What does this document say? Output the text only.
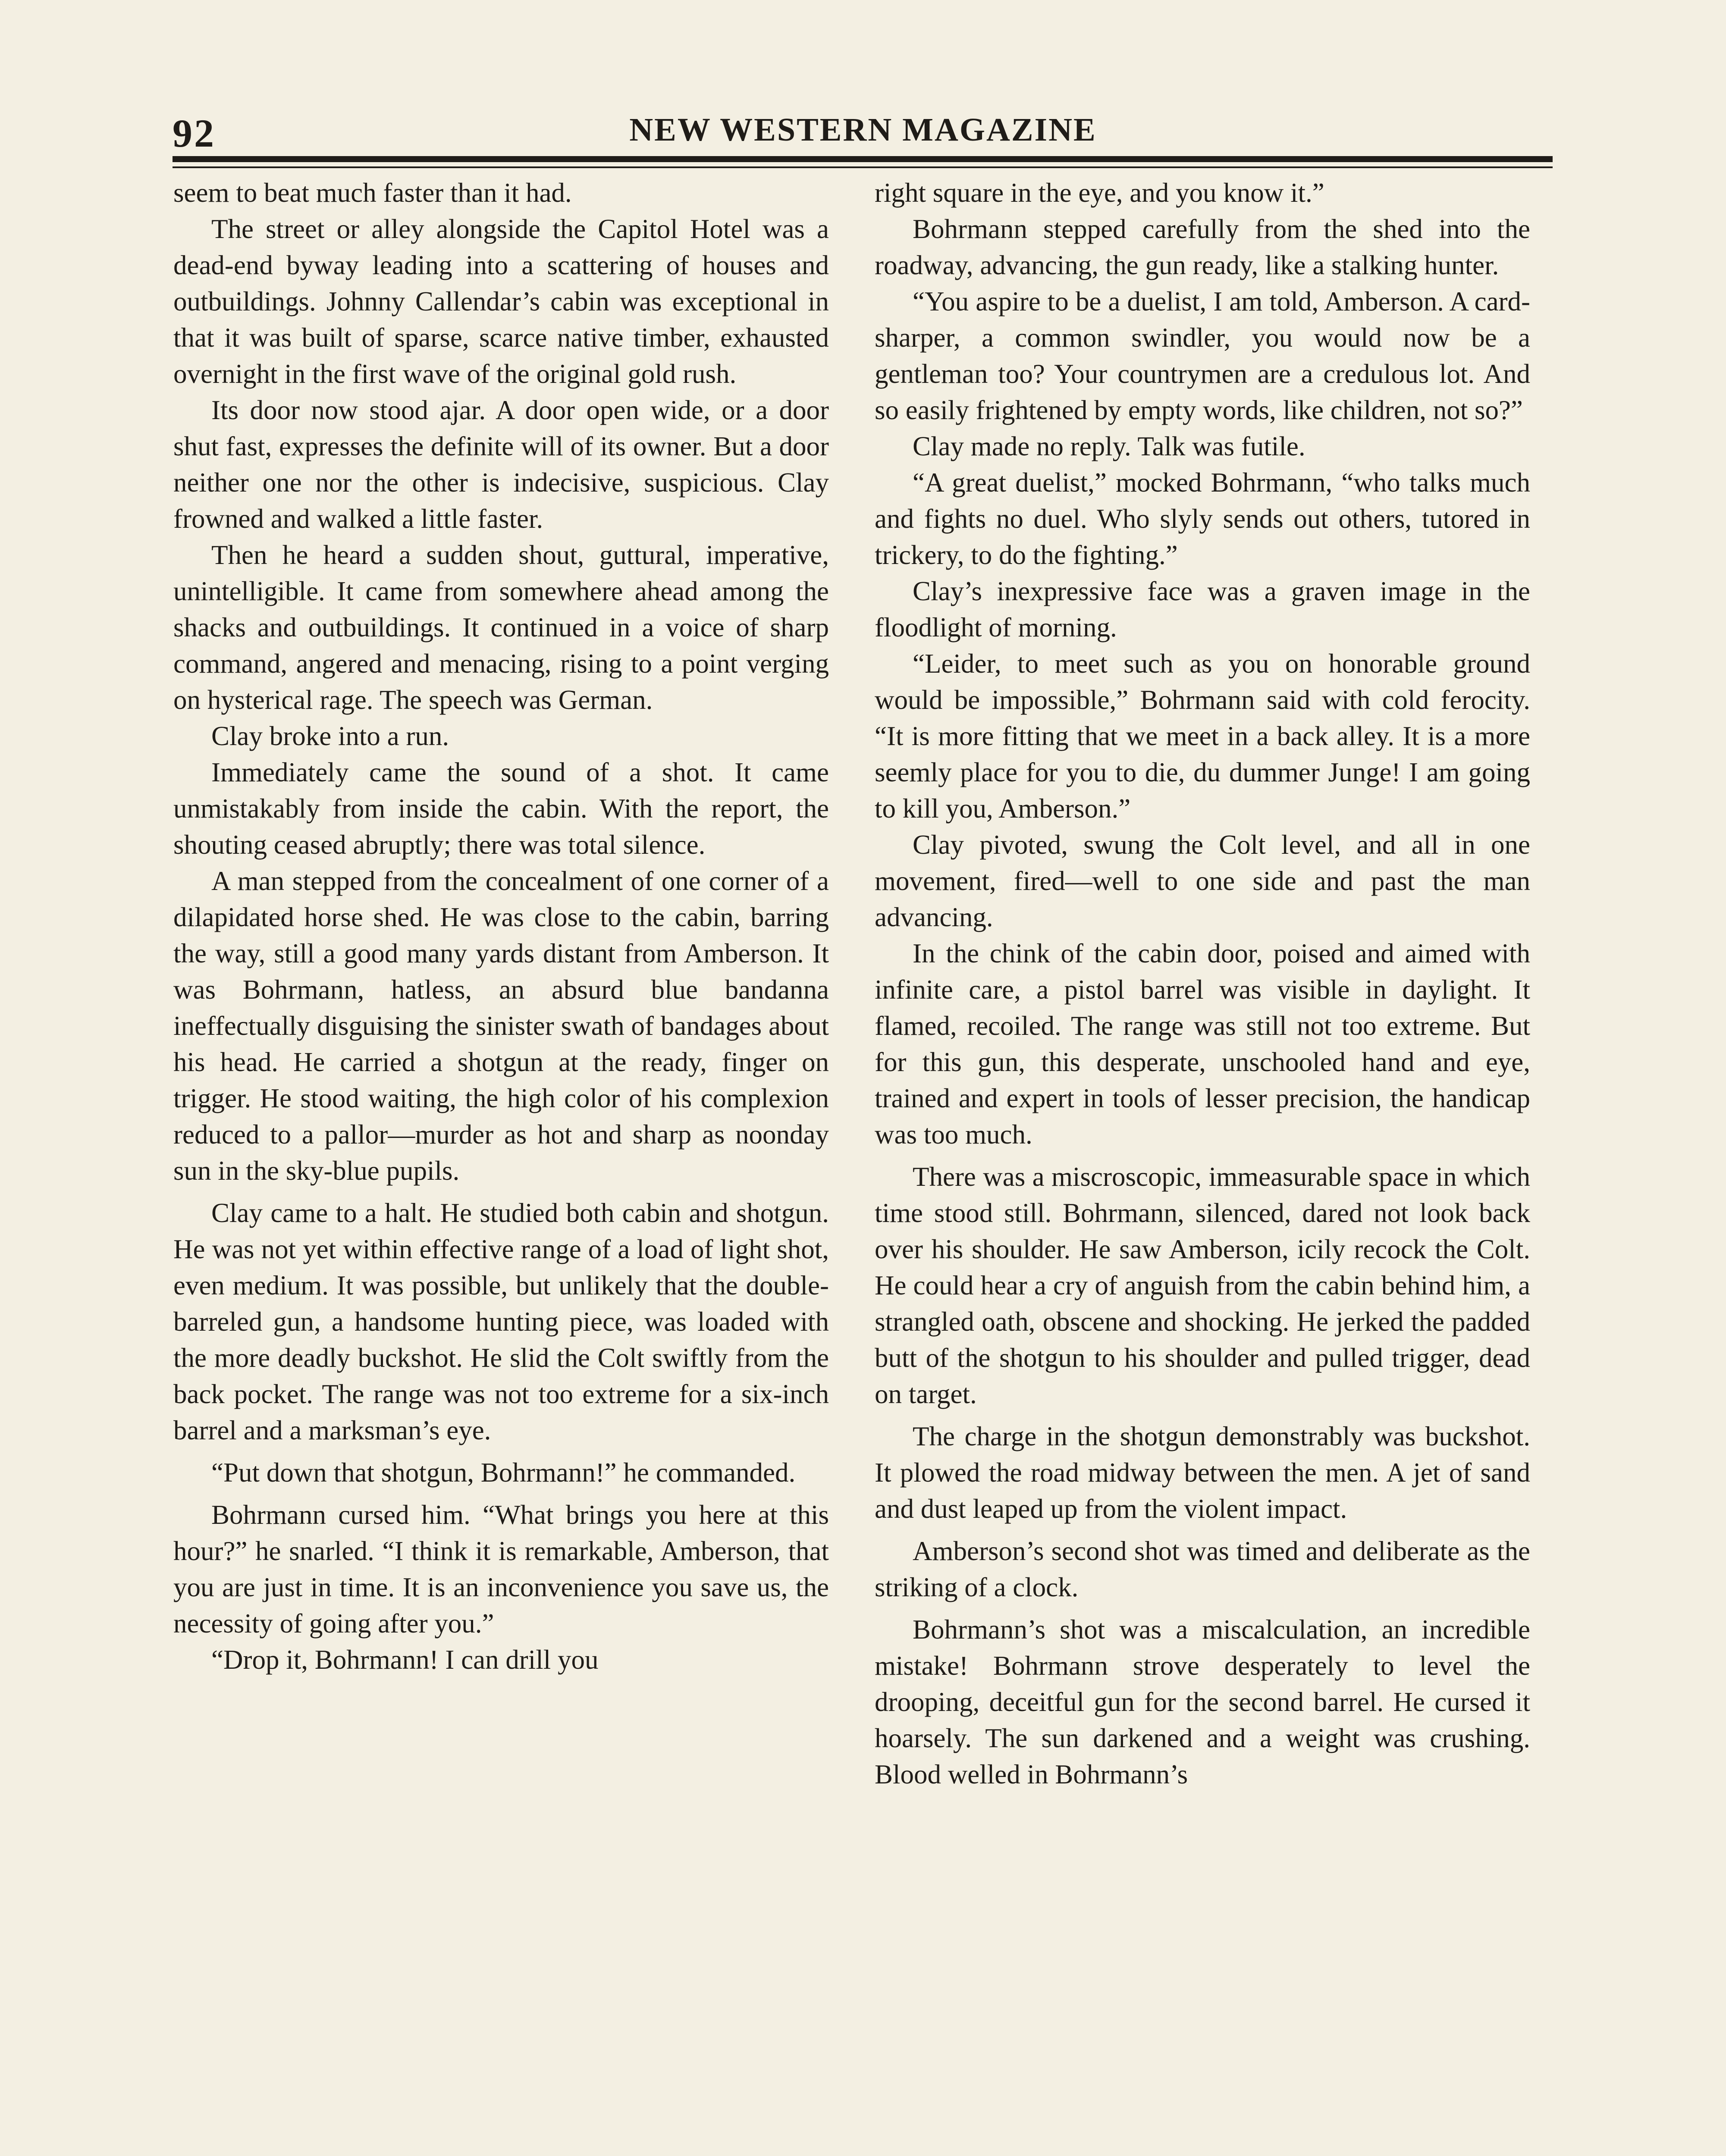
92	NEW WESTERN MAGAZINE

seem to beat much faster than it had.

The street or alley alongside the Capitol Hotel was a dead-end byway leading into a scattering of houses and outbuildings. Johnny Callendar’s cabin was exceptional in that it was built of sparse, scarce native timber, exhausted overnight in the first wave of the original gold rush.

Its door now stood ajar. A door open wide, or a door shut fast, expresses the definite will of its owner. But a door neither one nor the other is indecisive, suspicious. Clay frowned and walked a little faster.

Then he heard a sudden shout, guttural, imperative, unintelligible. It came from somewhere ahead among the shacks and outbuildings. It continued in a voice of sharp command, angered and menacing, rising to a point verging on hysterical rage. The speech was German.

Clay broke into a run.

Immediately came the sound of a shot. It came unmistakably from inside the cabin. With the report, the shouting ceased abruptly; there was total silence.

A man stepped from the concealment of one corner of a dilapidated horse shed. He was close to the cabin, barring the way, still a good many yards distant from Amberson. It was Bohrmann, hatless, an absurd blue bandanna ineffectually disguising the sinister swath of bandages about his head. He carried a shotgun at the ready, finger on trigger. He stood waiting, the high color of his complexion reduced to a pallor—murder as hot and sharp as noonday sun in the sky-blue pupils.

Clay came to a halt. He studied both cabin and shotgun. He was not yet within effective range of a load of light shot, even medium. It was possible, but unlikely that the double-barreled gun, a handsome hunting piece, was loaded with the more deadly buckshot. He slid the Colt swiftly from the back pocket. The range was not too extreme for a six-inch barrel and a marksman’s eye.

“Put down that shotgun, Bohrmann!” he commanded.

Bohrmann cursed him. “What brings you here at this hour?” he snarled. “I think it is remarkable, Amberson, that you are just in time. It is an inconvenience you save us, the necessity of going after you.”

“Drop it, Bohrmann! I can drill you

right square in the eye, and you know it.”

Bohrmann stepped carefully from the shed into the roadway, advancing, the gun ready, like a stalking hunter.

“You aspire to be a duelist, I am told, Amberson. A card-sharper, a common swindler, you would now be a gentleman too? Your countrymen are a credulous lot. And so easily frightened by empty words, like children, not so?”

Clay made no reply. Talk was futile.

“A great duelist,” mocked Bohrmann, “who talks much and fights no duel. Who slyly sends out others, tutored in trickery, to do the fighting.”

Clay’s inexpressive face was a graven image in the floodlight of morning.

“Leider, to meet such as you on honorable ground would be impossible,” Bohrmann said with cold ferocity. “It is more fitting that we meet in a back alley. It is a more seemly place for you to die, du dummer Junge! I am going to kill you, Amberson.”

Clay pivoted, swung the Colt level, and all in one movement, fired—well to one side and past the man advancing.

In the chink of the cabin door, poised and aimed with infinite care, a pistol barrel was visible in daylight. It flamed, recoiled. The range was still not too extreme. But for this gun, this desperate, unschooled hand and eye, trained and expert in tools of lesser precision, the handicap was too much.

There was a miscroscopic, immeasurable space in which time stood still. Bohrmann, silenced, dared not look back over his shoulder. He saw Amberson, icily recock the Colt. He could hear a cry of anguish from the cabin behind him, a strangled oath, obscene and shocking. He jerked the padded butt of the shotgun to his shoulder and pulled trigger, dead on target.

The charge in the shotgun demonstrably was buckshot. It plowed the road midway between the men. A jet of sand and dust leaped up from the violent impact.

Amberson’s second shot was timed and deliberate as the striking of a clock.

Bohrmann’s shot was a miscalculation, an incredible mistake! Bohrmann strove desperately to level the drooping, deceitful gun for the second barrel. He cursed it hoarsely. The sun darkened and a weight was crushing. Blood welled in Bohrmann’s
